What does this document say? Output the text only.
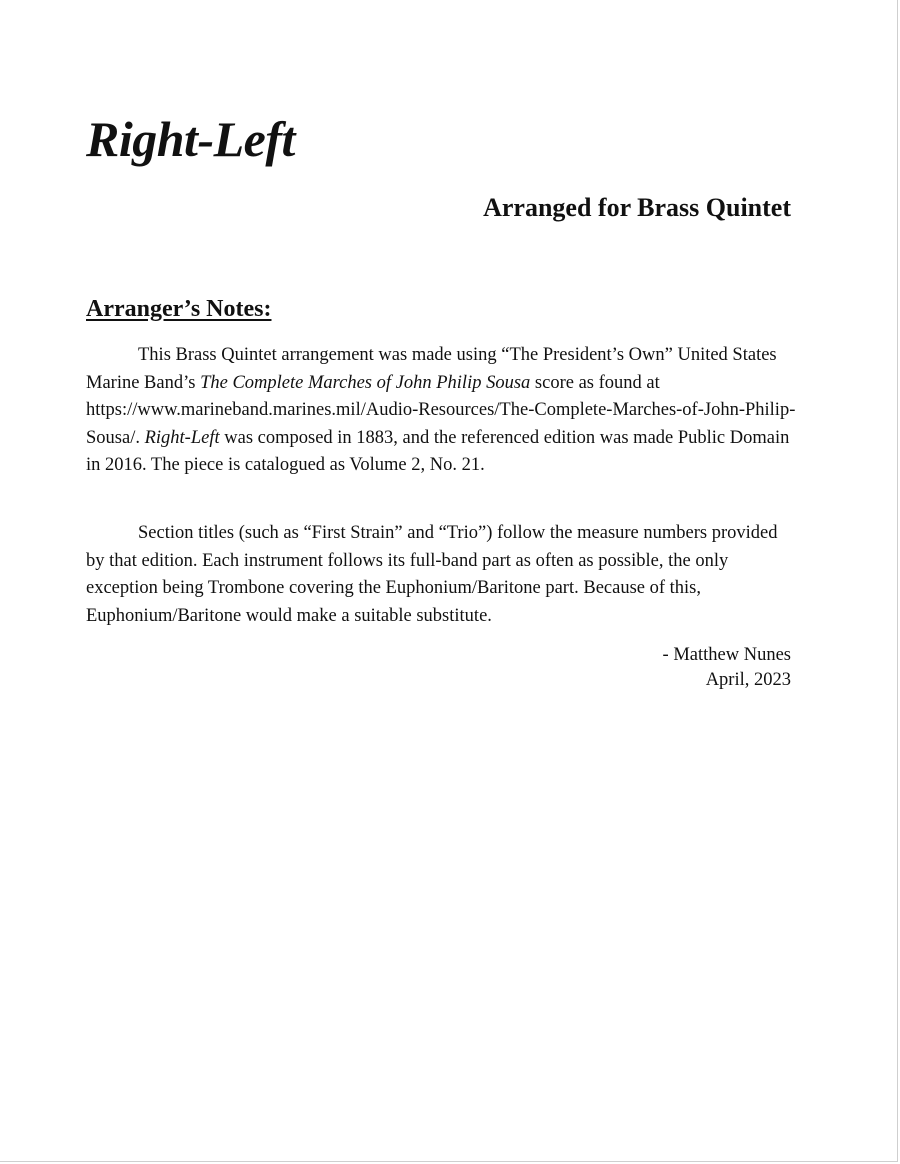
Right-Left
Arranged for Brass Quintet
Arranger’s Notes:

This Brass Quintet arrangement was made using “The President’s Own” United States Marine Band’s The Complete Marches of John Philip Sousa score as found at https://www.marineband.marines.mil/Audio-Resources/The-Complete-Marches-of-John-Philip-Sousa/. Right-Left was composed in 1883, and the referenced edition was made Public Domain in 2016. The piece is catalogued as Volume 2, No. 21.

Section titles (such as “First Strain” and “Trio”) follow the measure numbers provided by that edition. Each instrument follows its full-band part as often as possible, the only exception being Trombone covering the Euphonium/Baritone part. Because of this, Euphonium/Baritone would make a suitable substitute.

- Matthew Nunes
April, 2023
